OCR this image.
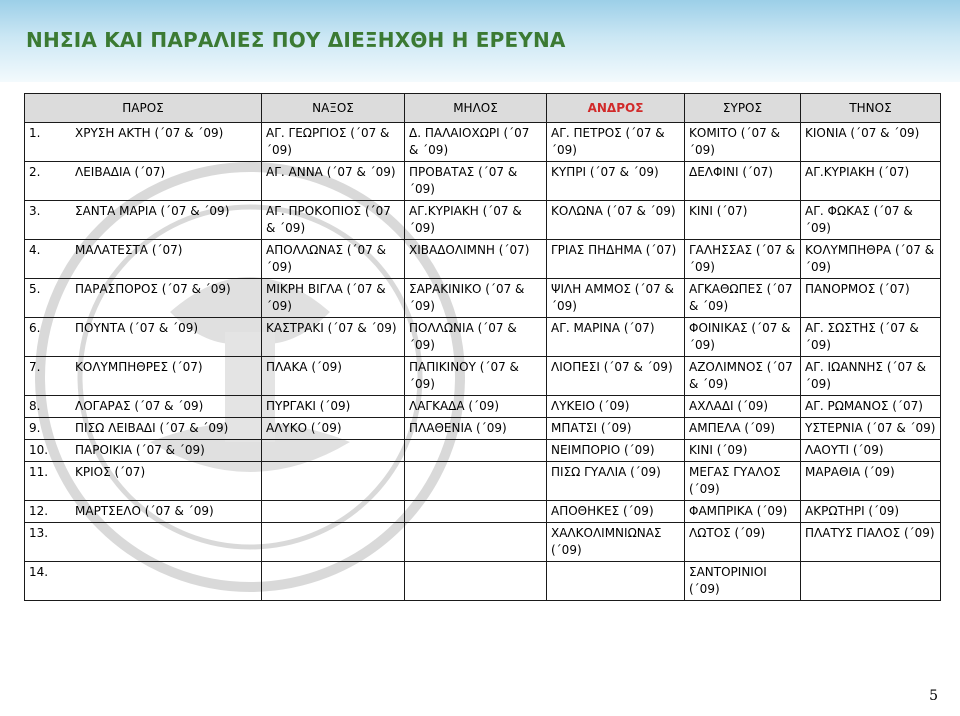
ΝΗΣΙΑ ΚΑΙ ΠΑΡΑΛΙΕΣ ΠΟΥ ΔΙΕΞΗΧΘΗ Η ΕΡΕΥΝΑ
ΠΑΡΟΣ	ΝΑΞΟΣ	ΜΗΛΟΣ	ΑΝΔΡΟΣ	ΣΥΡΟΣ	ΤΗΝΟΣ
1. ΧΡΥΣΗ ΑΚΤΗ (΄07 & ΄09)	ΑΓ. ΓΕΩΡΓΙΟΣ (΄07 & ΄09)	Δ. ΠΑΛΑΙΟΧΩΡΙ (΄07 & ΄09)	ΑΓ. ΠΕΤΡΟΣ (΄07 & ΄09)	ΚΟΜΙΤΟ (΄07 & ΄09)	ΚΙΟΝΙΑ (΄07 & ΄09)
2. ΛΕΙΒΑΔΙΑ (΄07)	ΑΓ. ΑΝΝΑ (΄07 & ΄09)	ΠΡΟΒΑΤΑΣ (΄07 & ΄09)	ΚΥΠΡΙ (΄07 & ΄09)	ΔΕΛΦΙΝΙ (΄07)	ΑΓ.ΚΥΡΙΑΚΗ (΄07)
3. ΣΑΝΤΑ ΜΑΡΙΑ (΄07 & ΄09)	ΑΓ. ΠΡΟΚΟΠΙΟΣ (΄07 & ΄09)	ΑΓ.ΚΥΡΙΑΚΗ (΄07 & ΄09)	ΚΟΛΩΝΑ (΄07 & ΄09)	ΚΙΝΙ (΄07)	ΑΓ. ΦΩΚΑΣ (΄07 & ΄09)
4. ΜΑΛΑΤΕΣΤΑ (΄07)	ΑΠΟΛΛΩΝΑΣ (΄07 & ΄09)	ΧΙΒΑΔΟΛΙΜΝΗ (΄07)	ΓΡΙΑΣ ΠΗΔΗΜΑ (΄07)	ΓΑΛΗΣΣΑΣ (΄07 & ΄09)	ΚΟΛΥΜΠΗΘΡΑ (΄07 & ΄09)
5. ΠΑΡΑΣΠΟΡΟΣ (΄07 & ΄09)	ΜΙΚΡΗ ΒΙΓΛΑ (΄07 & ΄09)	ΣΑΡΑΚΙΝΙΚΟ (΄07 & ΄09)	ΨΙΛΗ ΑΜΜΟΣ (΄07 & ΄09)	ΑΓΚΑΘΩΠΕΣ (΄07 & ΄09)	ΠΑΝΟΡΜΟΣ (΄07)
6. ΠΟΥΝΤΑ (΄07 & ΄09)	ΚΑΣΤΡΑΚΙ (΄07 & ΄09)	ΠΟΛΛΩΝΙΑ (΄07 & ΄09)	ΑΓ. ΜΑΡΙΝΑ (΄07)	ΦΟΙΝΙΚΑΣ (΄07 & ΄09)	ΑΓ. ΣΩΣΤΗΣ (΄07 & ΄09)
7. ΚΟΛΥΜΠΗΘΡΕΣ (΄07)	ΠΛΑΚΑ (΄09)	ΠΑΠΙΚΙΝΟΥ (΄07 & ΄09)	ΛΙΟΠΕΣΙ (΄07 & ΄09)	ΑΖΟΛΙΜΝΟΣ (΄07 & ΄09)	ΑΓ. ΙΩΑΝΝΗΣ (΄07 & ΄09)
8. ΛΟΓΑΡΑΣ (΄07 & ΄09)	ΠΥΡΓΑΚΙ (΄09)	ΛΑΓΚΑΔΑ (΄09)	ΛΥΚΕΙΟ (΄09)	ΑΧΛΑΔΙ (΄09)	ΑΓ. ΡΩΜΑΝΟΣ (΄07)
9. ΠΙΣΩ ΛΕΙΒΑΔΙ (΄07 & ΄09)	ΑΛΥΚΟ (΄09)	ΠΛΑΘΕΝΙΑ (΄09)	ΜΠΑΤΣΙ (΄09)	ΑΜΠΕΛΑ (΄09)	ΥΣΤΕΡΝΙΑ (΄07 & ΄09)
10. ΠΑΡΟΙΚΙΑ (΄07 & ΄09)			ΝΕΙΜΠΟΡΙΟ (΄09)	ΚΙΝΙ (΄09)	ΛΑΟΥΤΙ (΄09)
11. ΚΡΙΟΣ (΄07)			ΠΙΣΩ ΓΥΑΛΙΑ (΄09)	ΜΕΓΑΣ ΓΥΑΛΟΣ (΄09)	ΜΑΡΑΘΙΑ (΄09)
12. ΜΑΡΤΣΕΛΟ (΄07 & ΄09)			ΑΠΟΘΗΚΕΣ (΄09)	ΦΑΜΠΡΙΚΑ (΄09)	ΑΚΡΩΤΗΡΙ (΄09)
13.			ΧΑΛΚΟΛΙΜΝΙΩΝΑΣ (΄09)	ΛΩΤΟΣ (΄09)	ΠΛΑΤΥΣ ΓΙΑΛΟΣ (΄09)
14.				ΣΑΝΤΟΡΙΝΙΟΙ (΄09)	
5
